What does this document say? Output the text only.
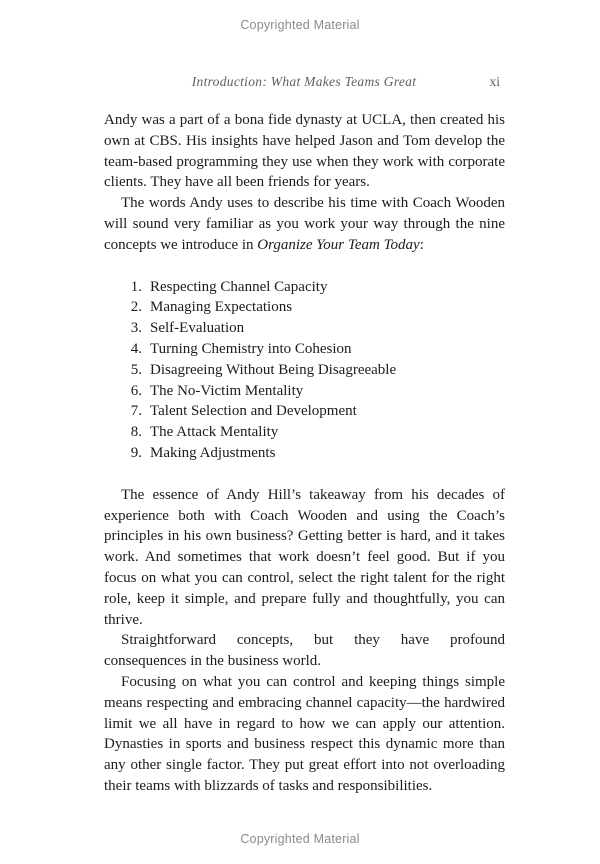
Copyrighted Material
Introduction: What Makes Teams Great	xi

Andy was a part of a bona fide dynasty at UCLA, then created his own at CBS. His insights have helped Jason and Tom develop the team-based programming they use when they work with corporate clients. They have all been friends for years.

The words Andy uses to describe his time with Coach Wooden will sound very familiar as you work your way through the nine concepts we introduce in Organize Your Team Today:

1. Respecting Channel Capacity
2. Managing Expectations
3. Self-Evaluation
4. Turning Chemistry into Cohesion
5. Disagreeing Without Being Disagreeable
6. The No-Victim Mentality
7. Talent Selection and Development
8. The Attack Mentality
9. Making Adjustments

The essence of Andy Hill’s takeaway from his decades of experience both with Coach Wooden and using the Coach’s principles in his own business? Getting better is hard, and it takes work. And sometimes that work doesn’t feel good. But if you focus on what you can control, select the right talent for the right role, keep it simple, and prepare fully and thoughtfully, you can thrive.

Straightforward concepts, but they have profound consequences in the business world.

Focusing on what you can control and keeping things simple means respecting and embracing channel capacity—the hardwired limit we all have in regard to how we can apply our attention. Dynasties in sports and business respect this dynamic more than any other single factor. They put great effort into not overloading their teams with blizzards of tasks and responsibilities.

Copyrighted Material
